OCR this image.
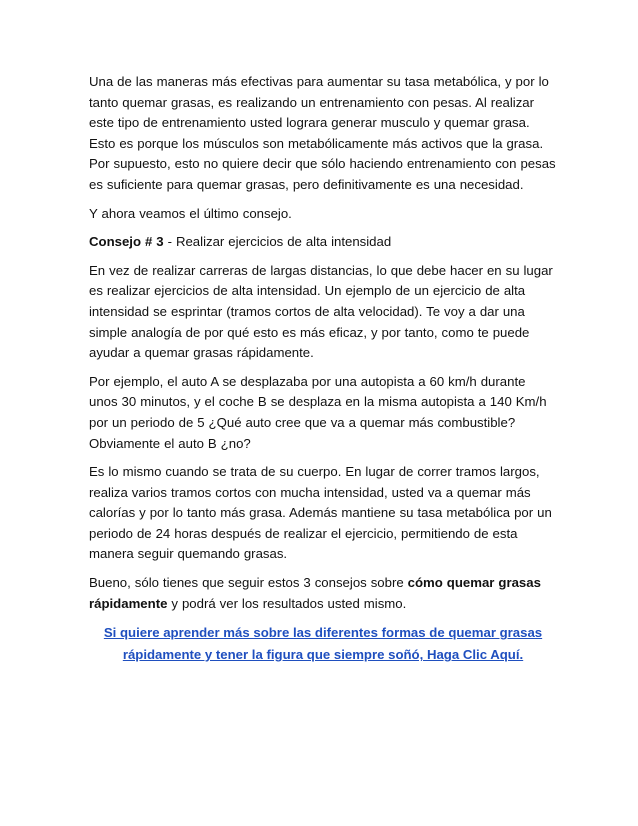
Una de las maneras más efectivas para aumentar su tasa metabólica, y por lo tanto quemar grasas, es realizando un entrenamiento con pesas. Al realizar este tipo de entrenamiento usted lograra generar musculo y quemar grasa. Esto es porque los músculos son metabólicamente más activos que la grasa. Por supuesto, esto no quiere decir que sólo haciendo entrenamiento con pesas es suficiente para quemar grasas, pero definitivamente es una necesidad.

Y ahora veamos el último consejo.

Consejo # 3 - Realizar ejercicios de alta intensidad

En vez de realizar carreras de largas distancias, lo que debe hacer en su lugar es realizar ejercicios de alta intensidad. Un ejemplo de un ejercicio de alta intensidad se esprintar (tramos cortos de alta velocidad). Te voy a dar una simple analogía de por qué esto es más eficaz, y por tanto, como te puede ayudar a quemar grasas rápidamente.

Por ejemplo, el auto A se desplazaba por una autopista a 60 km/h durante unos 30 minutos, y el coche B se desplaza en la misma autopista a 140 Km/h por un periodo de 5 ¿Qué auto cree que va a quemar más combustible? Obviamente el auto B ¿no?

Es lo mismo cuando se trata de su cuerpo. En lugar de correr tramos largos, realiza varios tramos cortos con mucha intensidad, usted va a quemar más calorías y por lo tanto más grasa. Además mantiene su tasa metabólica por un periodo de 24 horas después de realizar el ejercicio, permitiendo de esta manera seguir quemando grasas.

Bueno, sólo tienes que seguir estos 3 consejos sobre cómo quemar grasas rápidamente y podrá ver los resultados usted mismo.

Si quiere aprender más sobre las diferentes formas de quemar grasas
rápidamente y tener la figura que siempre soñó, Haga Clic Aquí.
